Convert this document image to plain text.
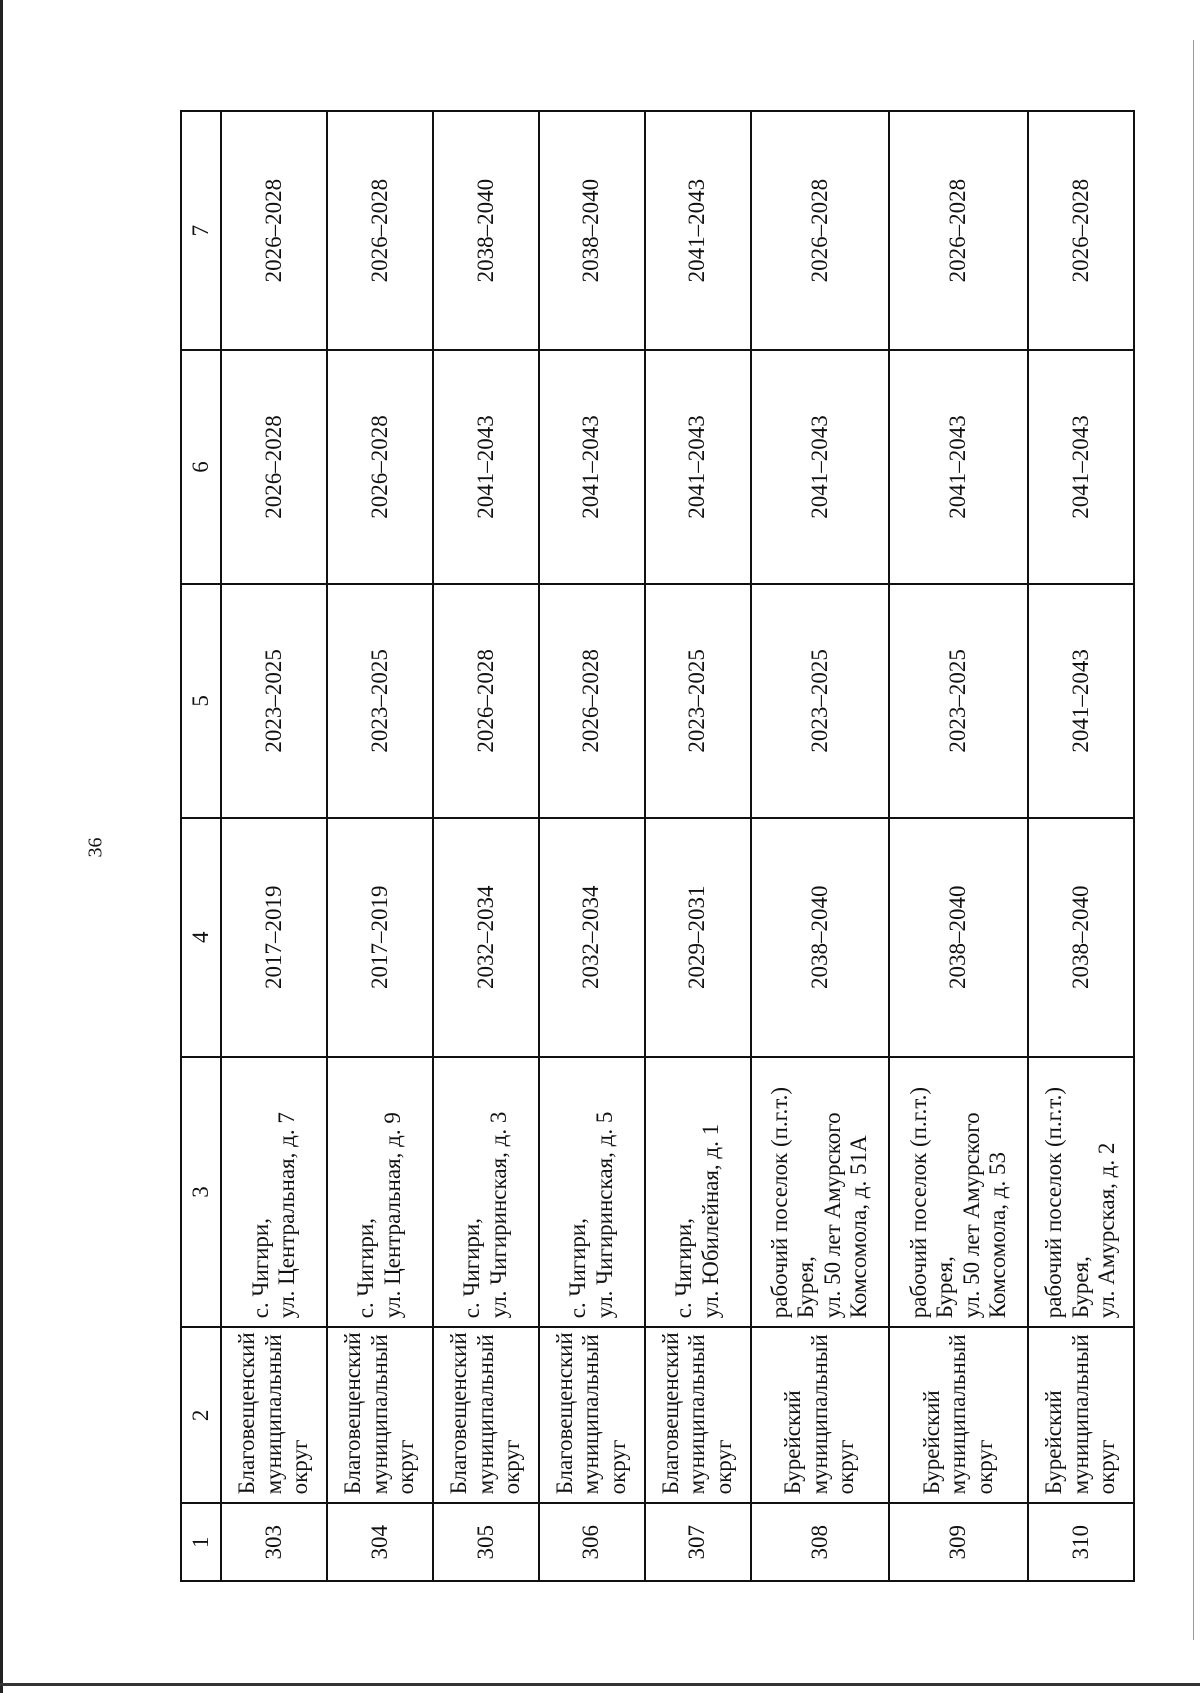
36
1	2	3	4	5	6	7
303	Благовещенский
муниципальный
округ	с. Чигири,
ул. Центральная, д. 7	2017–2019	2023–2025	2026–2028	2026–2028
304	Благовещенский
муниципальный
округ	с. Чигири,
ул. Центральная, д. 9	2017–2019	2023–2025	2026–2028	2026–2028
305	Благовещенский
муниципальный
округ	с. Чигири,
ул. Чигиринская, д. 3	2032–2034	2026–2028	2041–2043	2038–2040
306	Благовещенский
муниципальный
округ	с. Чигири,
ул. Чигиринская, д. 5	2032–2034	2026–2028	2041–2043	2038–2040
307	Благовещенский
муниципальный
округ	с. Чигири,
ул. Юбилейная, д. 1	2029–2031	2023–2025	2041–2043	2041–2043
308	Бурейский
муниципальный
округ	рабочий поселок (п.г.т.)
Бурея,
ул. 50 лет Амурского
Комсомола, д. 51А	2038–2040	2023–2025	2041–2043	2026–2028
309	Бурейский
муниципальный
округ	рабочий поселок (п.г.т.)
Бурея,
ул. 50 лет Амурского
Комсомола, д. 53	2038–2040	2023–2025	2041–2043	2026–2028
310	Бурейский
муниципальный
округ	рабочий поселок (п.г.т.)
Бурея,
ул. Амурская, д. 2	2038–2040	2041–2043	2041–2043	2026–2028
